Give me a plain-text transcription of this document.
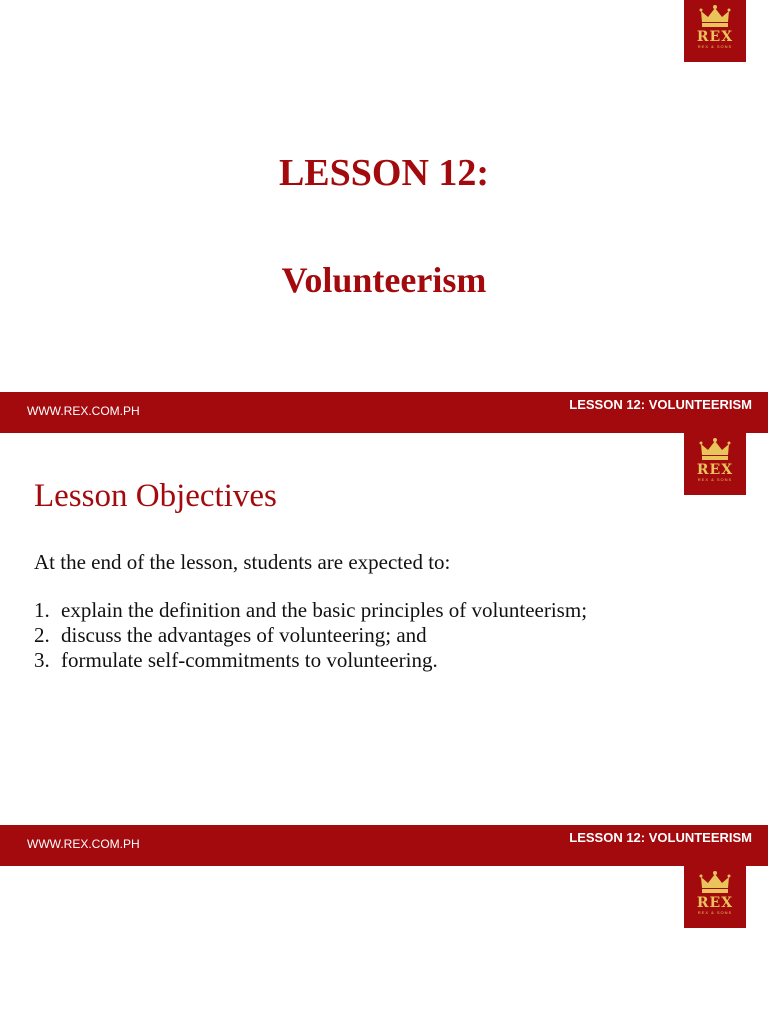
REX
REX & SONS
LESSON 12:
Volunteerism
WWW.REX.COM.PH	LESSON 12: VOLUNTEERISM
REX
REX & SONS
Lesson Objectives
At the end of the lesson, students are expected to:
1. explain the definition and the basic principles of volunteerism;
2. discuss the advantages of volunteering; and
3. formulate self-commitments to volunteering.
WWW.REX.COM.PH	LESSON 12: VOLUNTEERISM
REX
REX & SONS
